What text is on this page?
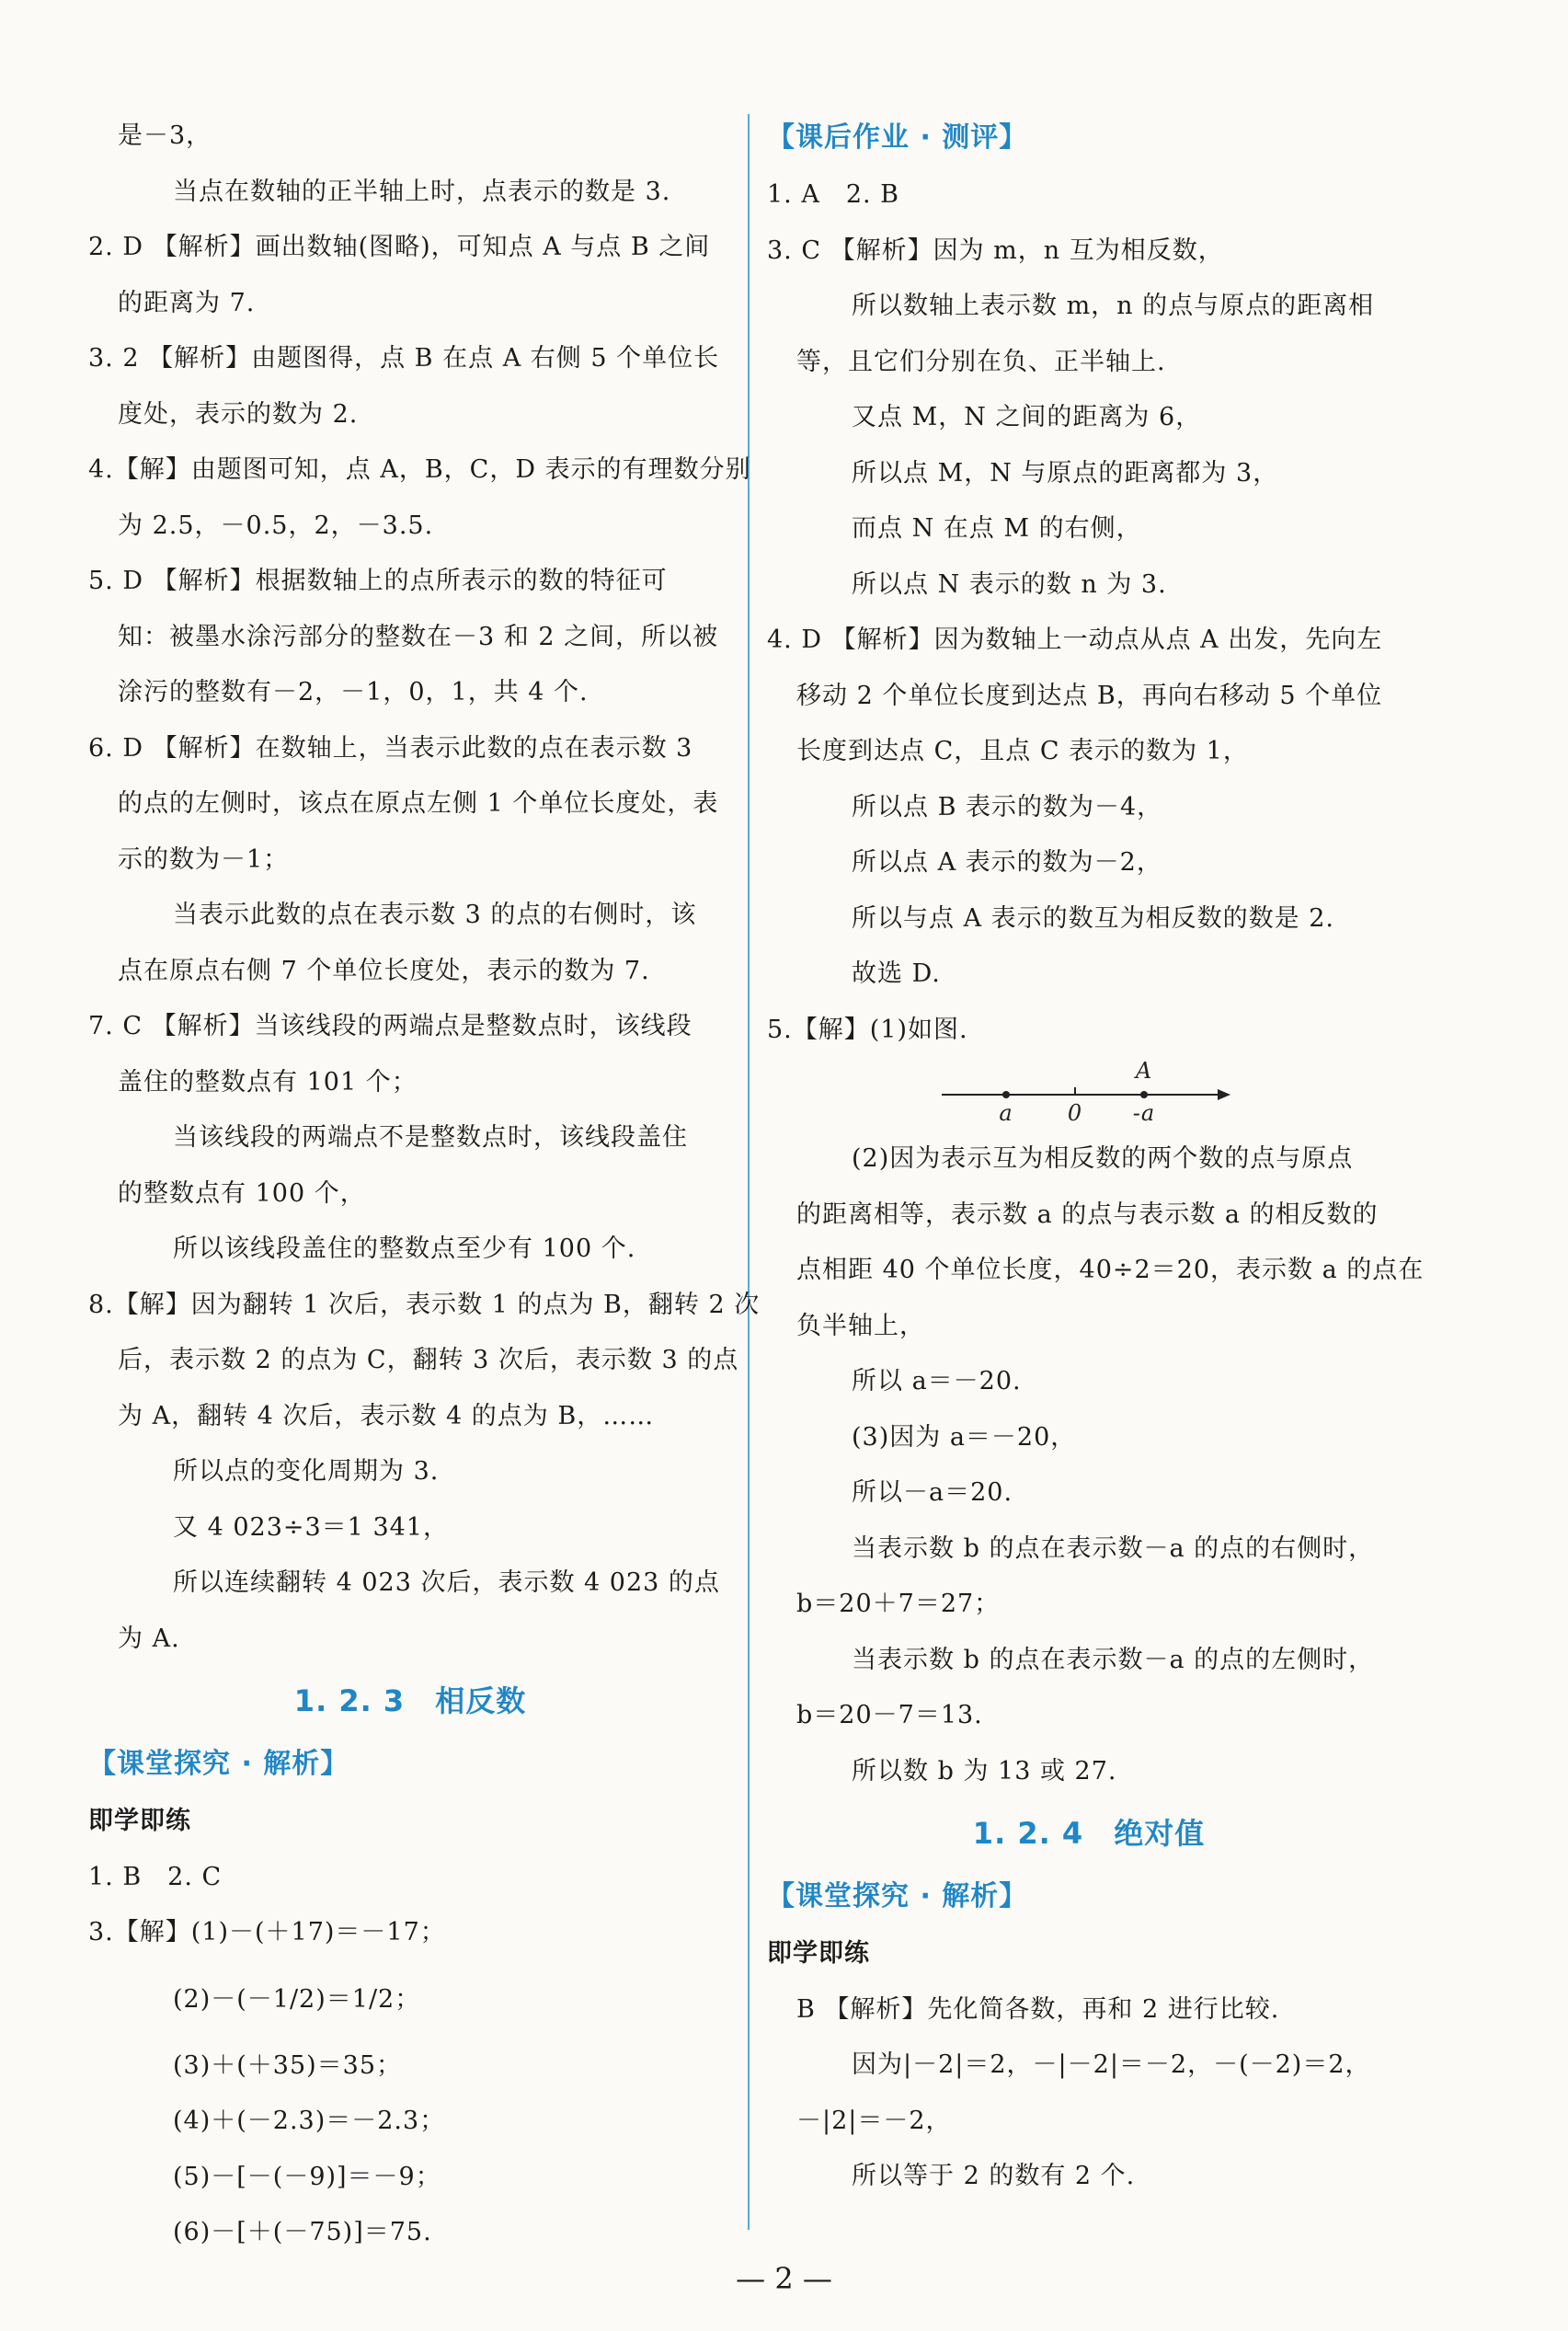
是－3，
当点在数轴的正半轴上时，点表示的数是 3.
2. D 【解析】画出数轴(图略)，可知点 A 与点 B 之间
的距离为 7.
3. 2 【解析】由题图得，点 B 在点 A 右侧 5 个单位长
度处，表示的数为 2.
4.【解】由题图可知，点 A，B，C，D 表示的有理数分别
为 2.5，－0.5，2，－3.5.
5. D 【解析】根据数轴上的点所表示的数的特征可
知：被墨水涂污部分的整数在－3 和 2 之间，所以被
涂污的整数有－2，－1，0，1，共 4 个.
6. D 【解析】在数轴上，当表示此数的点在表示数 3
的点的左侧时，该点在原点左侧 1 个单位长度处，表
示的数为－1；
当表示此数的点在表示数 3 的点的右侧时，该
点在原点右侧 7 个单位长度处，表示的数为 7.
7. C 【解析】当该线段的两端点是整数点时，该线段
盖住的整数点有 101 个；
当该线段的两端点不是整数点时，该线段盖住
的整数点有 100 个，
所以该线段盖住的整数点至少有 100 个.
8.【解】因为翻转 1 次后，表示数 1 的点为 B，翻转 2 次
后，表示数 2 的点为 C，翻转 3 次后，表示数 3 的点
为 A，翻转 4 次后，表示数 4 的点为 B，……
所以点的变化周期为 3.
又 4 023÷3＝1 341，
所以连续翻转 4 023 次后，表示数 4 023 的点
为 A.
1. 2. 3　相反数
【课堂探究 · 解析】
即学即练
1. B　2. C
3.【解】(1)－(＋17)＝－17；
(2)－(－1/2)＝1/2；
(3)＋(＋35)＝35；
(4)＋(－2.3)＝－2.3；
(5)－[－(－9)]＝－9；
(6)－[＋(－75)]＝75.
【课后作业 · 测评】
1. A　2. B
3. C 【解析】因为 m，n 互为相反数，
所以数轴上表示数 m，n 的点与原点的距离相
等，且它们分别在负、正半轴上.
又点 M，N 之间的距离为 6，
所以点 M，N 与原点的距离都为 3，
而点 N 在点 M 的右侧，
所以点 N 表示的数 n 为 3.
4. D 【解析】因为数轴上一动点从点 A 出发，先向左
移动 2 个单位长度到达点 B，再向右移动 5 个单位
长度到达点 C，且点 C 表示的数为 1，
所以点 B 表示的数为－4，
所以点 A 表示的数为－2，
所以与点 A 表示的数互为相反数的数是 2.
故选 D.
5.【解】(1)如图.
A
a 0 -a
(2)因为表示互为相反数的两个数的点与原点
的距离相等，表示数 a 的点与表示数 a 的相反数的
点相距 40 个单位长度，40÷2＝20，表示数 a 的点在
负半轴上，
所以 a＝－20.
(3)因为 a＝－20，
所以－a＝20.
当表示数 b 的点在表示数－a 的点的右侧时，
b＝20＋7＝27；
当表示数 b 的点在表示数－a 的点的左侧时，
b＝20－7＝13.
所以数 b 为 13 或 27.
1. 2. 4　绝对值
【课堂探究 · 解析】
即学即练
B 【解析】先化简各数，再和 2 进行比较.
因为|－2|＝2，－|－2|＝－2，－(－2)＝2，
－|2|＝－2，
所以等于 2 的数有 2 个.
— 2 —
